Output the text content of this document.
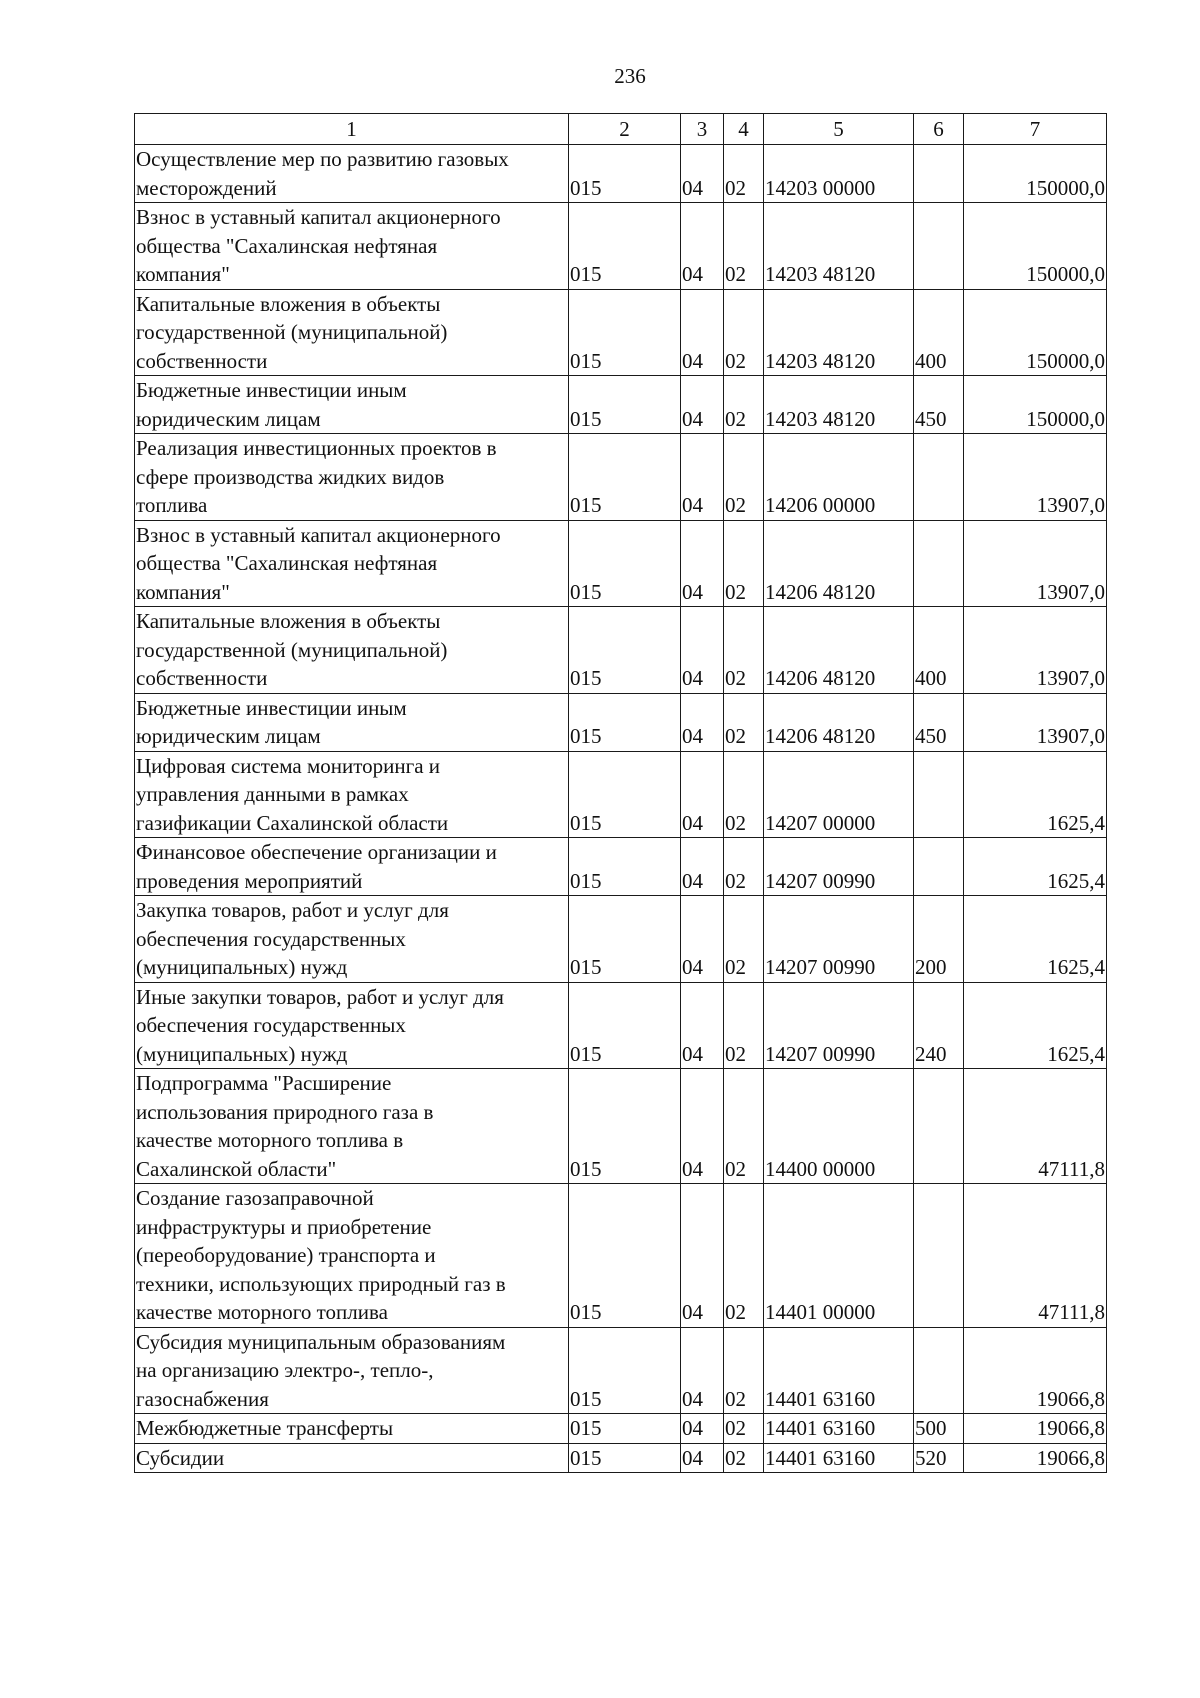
236
1	2	3	4	5	6	7
Осуществление мер по развитию газовых
месторождений	015	04	02	14203 00000		150000,0
Взнос в уставный капитал акционерного
общества "Сахалинская нефтяная
компания"	015	04	02	14203 48120		150000,0
Капитальные вложения в объекты
государственной (муниципальной)
собственности	015	04	02	14203 48120	400	150000,0
Бюджетные инвестиции иным
юридическим лицам	015	04	02	14203 48120	450	150000,0
Реализация инвестиционных проектов в
сфере производства жидких видов
топлива	015	04	02	14206 00000		13907,0
Взнос в уставный капитал акционерного
общества "Сахалинская нефтяная
компания"	015	04	02	14206 48120		13907,0
Капитальные вложения в объекты
государственной (муниципальной)
собственности	015	04	02	14206 48120	400	13907,0
Бюджетные инвестиции иным
юридическим лицам	015	04	02	14206 48120	450	13907,0
Цифровая система мониторинга и
управления данными в рамках
газификации Сахалинской области	015	04	02	14207 00000		1625,4
Финансовое обеспечение организации и
проведения мероприятий	015	04	02	14207 00990		1625,4
Закупка товаров, работ и услуг для
обеспечения государственных
(муниципальных) нужд	015	04	02	14207 00990	200	1625,4
Иные закупки товаров, работ и услуг для
обеспечения государственных
(муниципальных) нужд	015	04	02	14207 00990	240	1625,4
Подпрограмма "Расширение
использования природного газа в
качестве моторного топлива в
Сахалинской области"	015	04	02	14400 00000		47111,8
Создание газозаправочной
инфраструктуры и приобретение
(переоборудование) транспорта и
техники, использующих природный газ в
качестве моторного топлива	015	04	02	14401 00000		47111,8
Субсидия муниципальным образованиям
на организацию электро-, тепло-,
газоснабжения	015	04	02	14401 63160		19066,8
Межбюджетные трансферты	015	04	02	14401 63160	500	19066,8
Субсидии	015	04	02	14401 63160	520	19066,8
